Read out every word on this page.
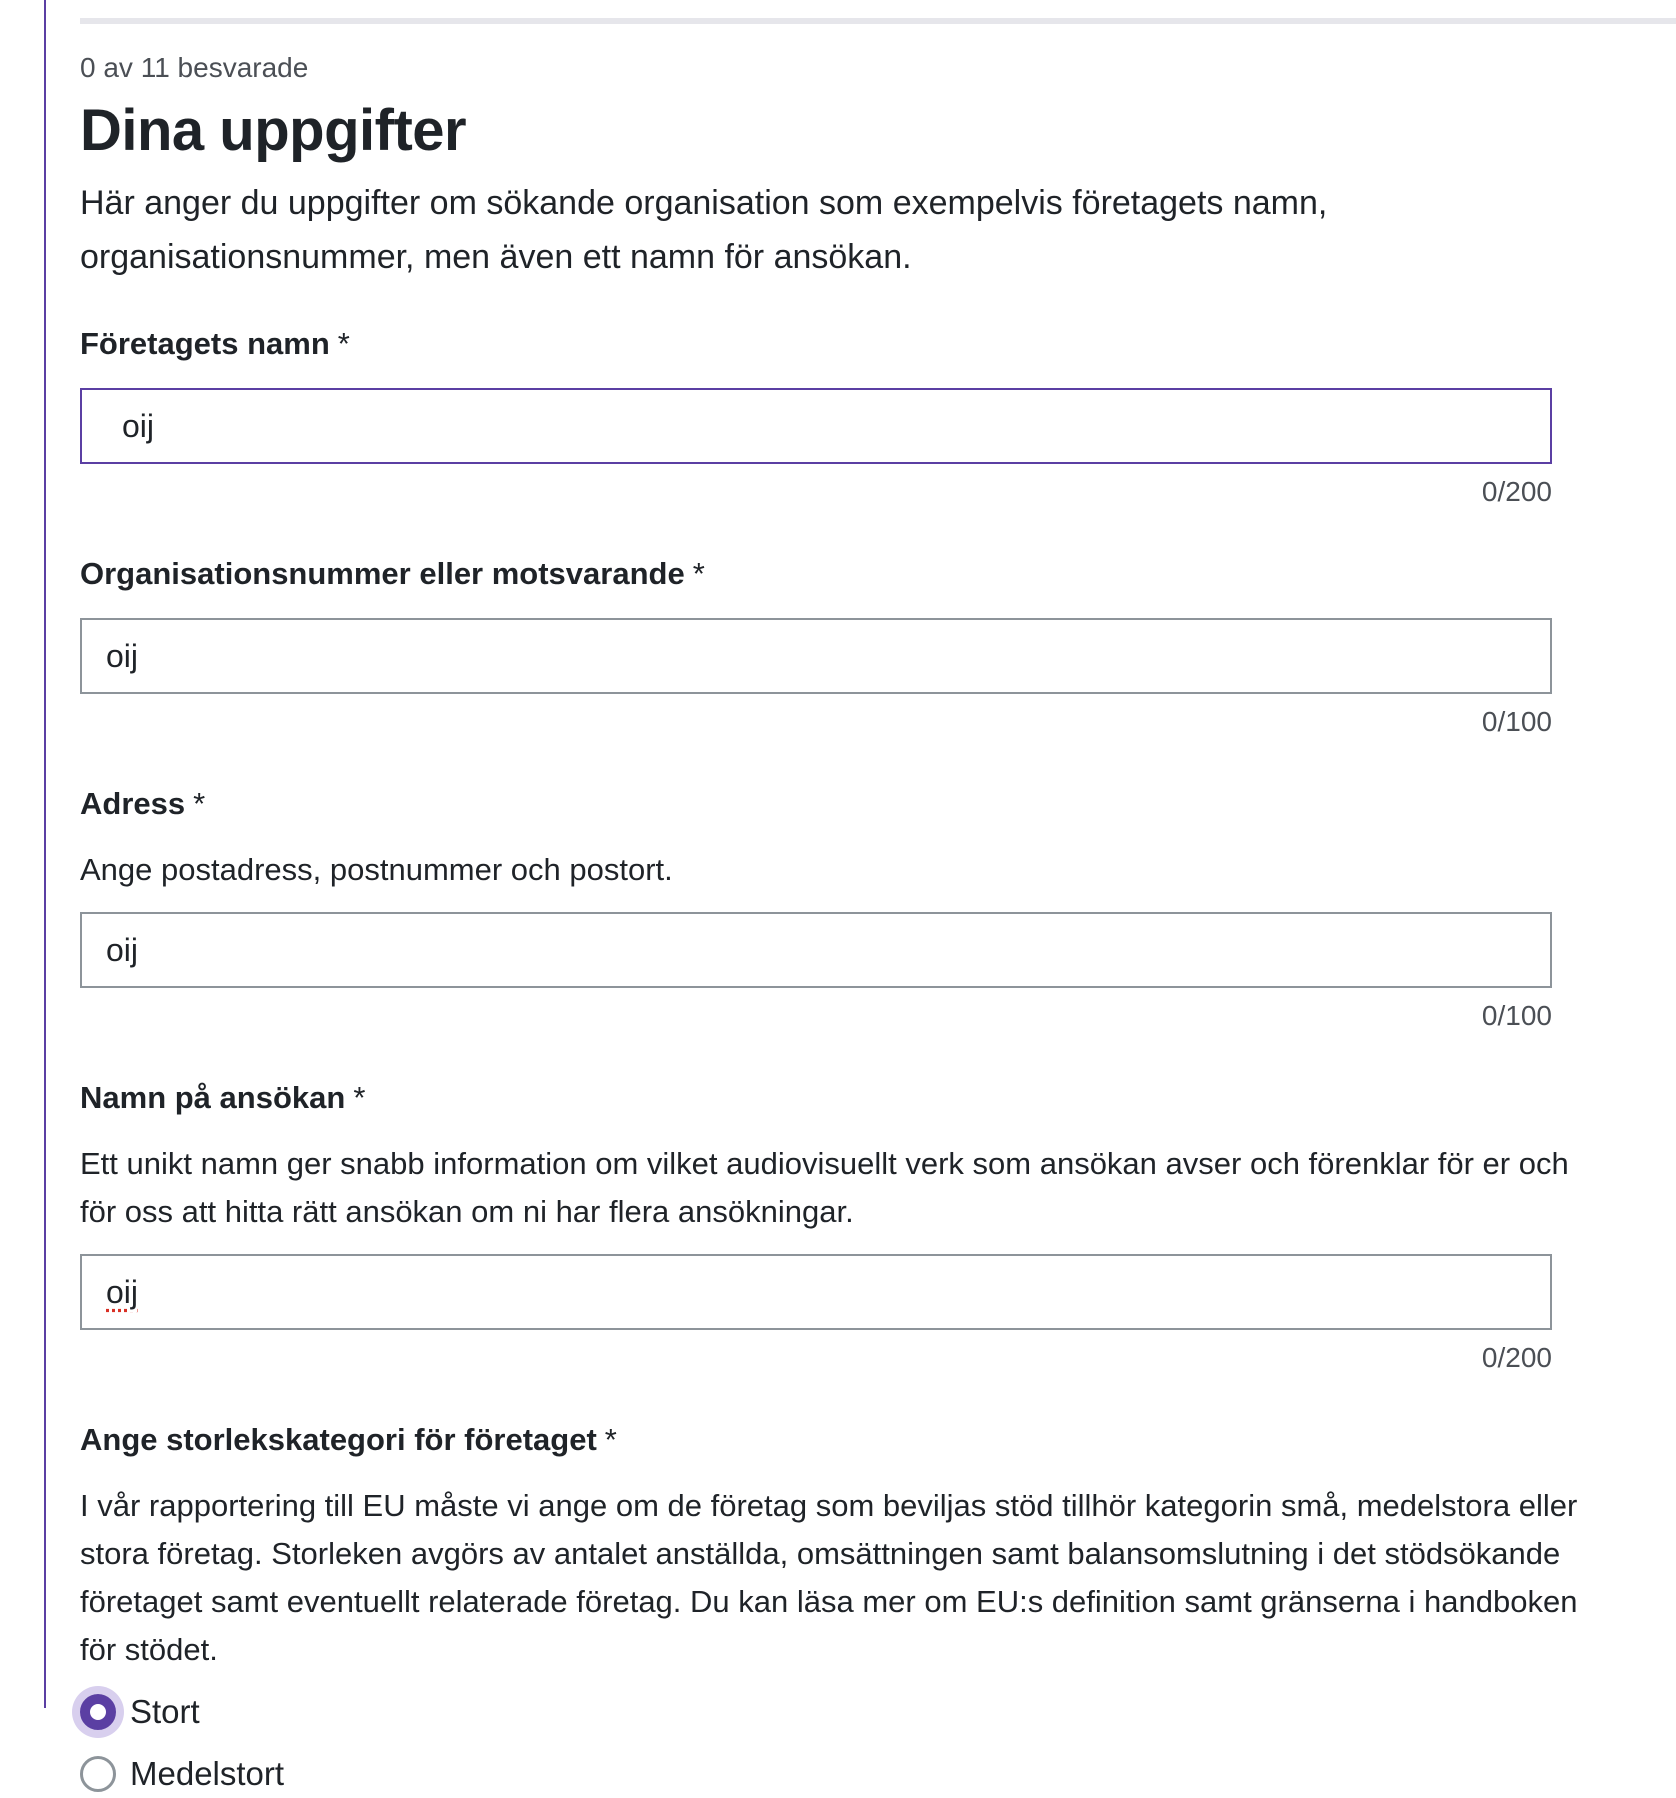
0 av 11 besvarade
Dina uppgifter

Här anger du uppgifter om sökande organisation som exempelvis företagets namn, organisationsnummer, men även ett namn för ansökan.

Företagets namn *
oij
0/200
Organisationsnummer eller motsvarande *
oij
0/100
Adress *
Ange postadress, postnummer och postort.
oij
0/100
Namn på ansökan *
Ett unikt namn ger snabb information om vilket audiovisuellt verk som ansökan avser och förenklar för er och för oss att hitta rätt ansökan om ni har flera ansökningar.
oij
0/200
Ange storlekskategori för företaget *
I vår rapportering till EU måste vi ange om de företag som beviljas stöd tillhör kategorin små, medelstora eller stora företag. Storleken avgörs av antalet anställda, omsättningen samt balansomslutning i det stödsökande företaget samt eventuellt relaterade företag. Du kan läsa mer om EU:s definition samt gränserna i handboken för stödet.
Stort
Medelstort
